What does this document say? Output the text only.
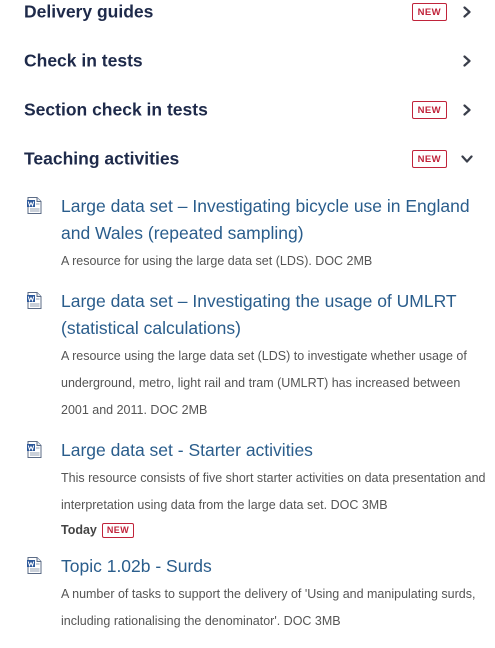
Delivery guides	NEW
Check in tests
Section check in tests	NEW
Teaching activities	NEW
Large data set – Investigating bicycle use in England and Wales (repeated sampling)
A resource for using the large data set (LDS). DOC 2MB
Large data set – Investigating the usage of UMLRT (statistical calculations)
A resource using the large data set (LDS) to investigate whether usage of underground, metro, light rail and tram (UMLRT) has increased between 2001 and 2011. DOC 2MB
Large data set - Starter activities
This resource consists of five short starter activities on data presentation and interpretation using data from the large data set. DOC 3MB
Today	NEW
Topic 1.02b - Surds
A number of tasks to support the delivery of 'Using and manipulating surds, including rationalising the denominator'. DOC 3MB
